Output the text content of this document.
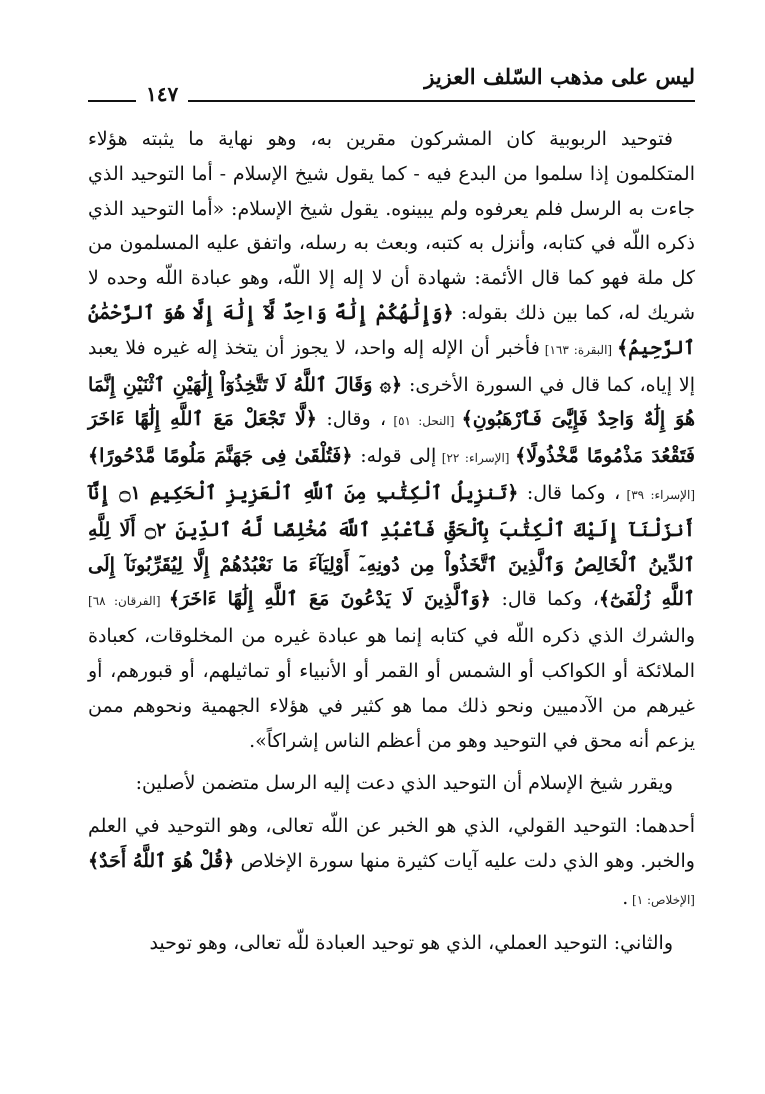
ليس على مذهب السّلف العزيز
١٤٧

فتوحيد الربوبية كان المشركون مقرين به، وهو نهاية ما يثبته هؤلاء المتكلمون إذا سلموا من البدع فيه - كما يقول شيخ الإسلام - أما التوحيد الذي جاءت به الرسل فلم يعرفوه ولم يبينوه. يقول شيخ الإسلام: «أما التوحيد الذي ذكره اللّه في كتابه، وأنزل به كتبه، وبعث به رسله، واتفق عليه المسلمون من كل ملة فهو كما قال الأئمة: شهادة أن لا إله إلا اللّه، وهو عبادة اللّه وحده لا شريك له، كما بين ذلك بقوله: ﴿وَإِلَٰهُكُمْ إِلَٰهٌ وَاحِدٌ لَّآ إِلَٰهَ إِلَّا هُوَ ٱلرَّحْمَٰنُ ٱلرَّحِيمُ﴾ [البقرة: ١٦٣] فأخبر أن الإله إله واحد، لا يجوز أن يتخذ إله غيره فلا يعبد إلا إياه، كما قال في السورة الأخرى: ﴿۞ وَقَالَ ٱللَّهُ لَا تَتَّخِذُوٓاْ إِلَٰهَيْنِ ٱثْنَيْنِ إِنَّمَا هُوَ إِلَٰهٌ وَاحِدٌ فَإِيَّٰىَ فَٱرْهَبُونِ﴾ [النحل: ٥١] ، وقال: ﴿لَّا تَجْعَلْ مَعَ ٱللَّهِ إِلَٰهًا ءَاخَرَ فَتَقْعُدَ مَذْمُومًا مَّخْذُولًا﴾ [الإسراء: ٢٢] إلى قوله: ﴿فَتُلْقَىٰ فِى جَهَنَّمَ مَلُومًا مَّدْحُورًا﴾ [الإسراء: ٣٩] ، وكما قال: ﴿تَنزِيلُ ٱلْكِتَٰبِ مِنَ ٱللَّهِ ٱلْعَزِيزِ ٱلْحَكِيمِ ۝١ إِنَّآ أَنزَلْنَآ إِلَيْكَ ٱلْكِتَٰبَ بِٱلْحَقِّ فَٱعْبُدِ ٱللَّهَ مُخْلِصًا لَّهُ ٱلدِّينَ ۝٢ أَلَا لِلَّهِ ٱلدِّينُ ٱلْخَالِصُ وَٱلَّذِينَ ٱتَّخَذُواْ مِن دُونِهِۦٓ أَوْلِيَآءَ مَا نَعْبُدُهُمْ إِلَّا لِيُقَرِّبُونَآ إِلَى ٱللَّهِ زُلْفَىٰٓ﴾، وكما قال: ﴿وَٱلَّذِينَ لَا يَدْعُونَ مَعَ ٱللَّهِ إِلَٰهًا ءَاخَرَ﴾ [الفرقان: ٦٨] والشرك الذي ذكره اللّه في كتابه إنما هو عبادة غيره من المخلوقات، كعبادة الملائكة أو الكواكب أو الشمس أو القمر أو الأنبياء أو تماثيلهم، أو قبورهم، أو غيرهم من الآدميين ونحو ذلك مما هو كثير في هؤلاء الجهمية ونحوهم ممن يزعم أنه محق في التوحيد وهو من أعظم الناس إشراكاً».

ويقرر شيخ الإسلام أن التوحيد الذي دعت إليه الرسل متضمن لأصلين:

أحدهما: التوحيد القولي، الذي هو الخبر عن اللّه تعالى، وهو التوحيد في العلم والخبر. وهو الذي دلت عليه آيات كثيرة منها سورة الإخلاص ﴿قُلْ هُوَ ٱللَّهُ أَحَدٌ﴾ [الإخلاص: ١] .

والثاني: التوحيد العملي، الذي هو توحيد العبادة للّه تعالى، وهو توحيد
